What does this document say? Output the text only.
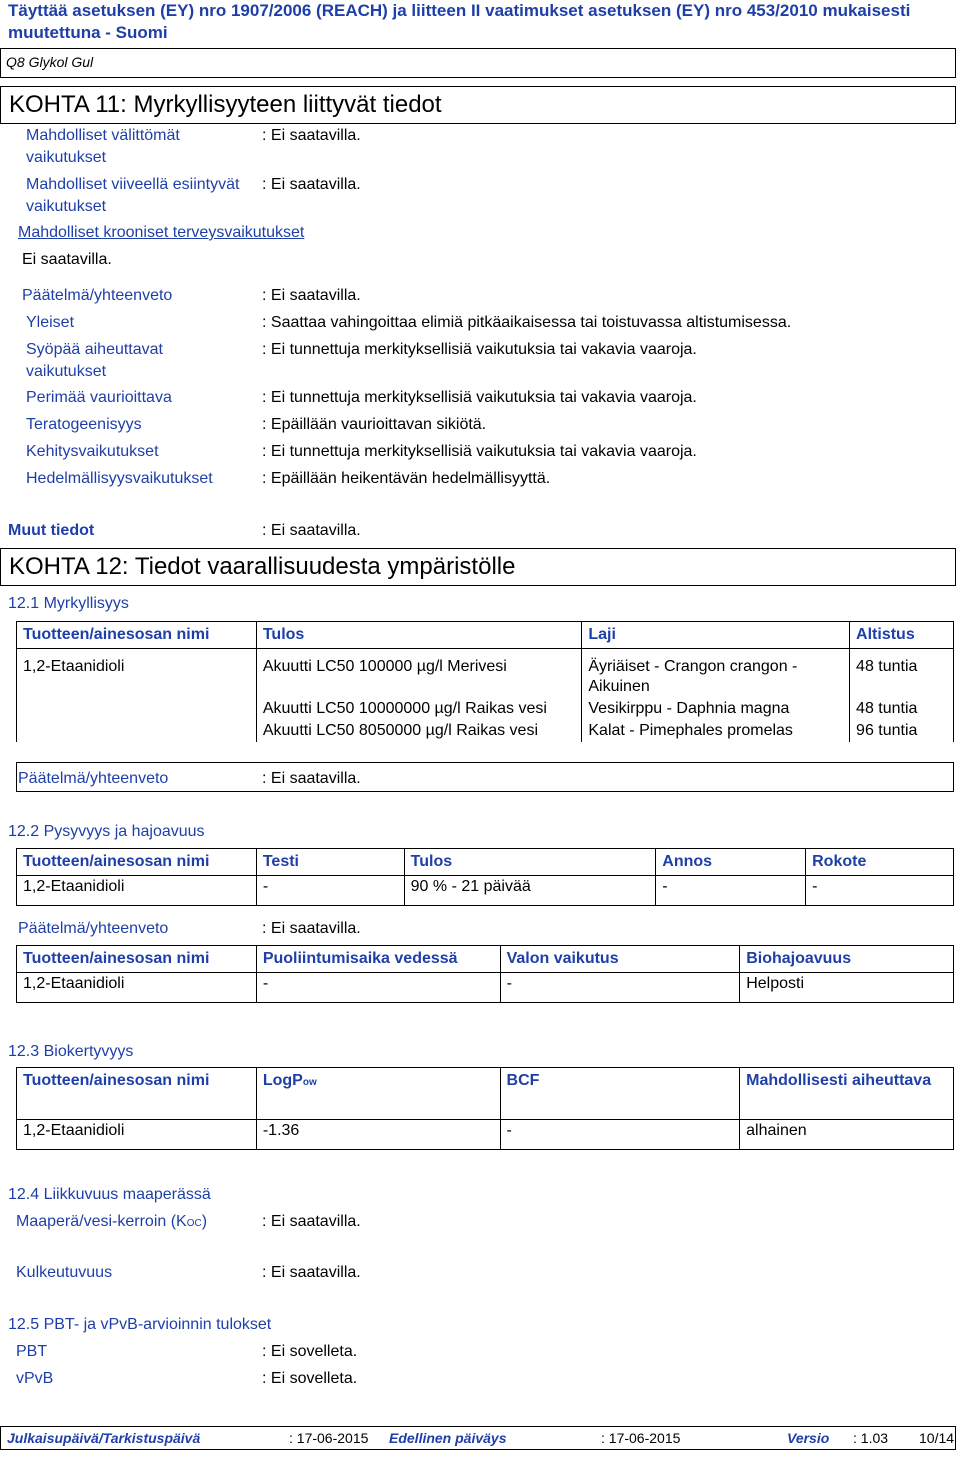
Täyttää asetuksen (EY) nro 1907/2006 (REACH) ja liitteen II vaatimukset asetuksen (EY) nro 453/2010 mukaisesti muutettuna - Suomi
Q8 Glykol Gul
KOHTA 11: Myrkyllisyyteen liittyvät tiedot
Mahdolliset välittömät vaikutukset
: Ei saatavilla.
Mahdolliset viiveellä esiintyvät vaikutukset
: Ei saatavilla.
Mahdolliset krooniset terveysvaikutukset
Ei saatavilla.
Päätelmä/yhteenveto	: Ei saatavilla.
Yleiset	: Saattaa vahingoittaa elimiä pitkäaikaisessa tai toistuvassa altistumisessa.
Syöpää aiheuttavat vaikutukset
: Ei tunnettuja merkityksellisiä vaikutuksia tai vakavia vaaroja.
Perimää vaurioittava	: Ei tunnettuja merkityksellisiä vaikutuksia tai vakavia vaaroja.
Teratogeenisyys	: Epäillään vaurioittavan sikiötä.
Kehitysvaikutukset	: Ei tunnettuja merkityksellisiä vaikutuksia tai vakavia vaaroja.
Hedelmällisyysvaikutukset	: Epäillään heikentävän hedelmällisyyttä.
Muut tiedot	: Ei saatavilla.
KOHTA 12: Tiedot vaarallisuudesta ympäristölle
12.1 Myrkyllisyys
Tuotteen/ainesosan nimi	Tulos	Laji	Altistus
1,2-Etaanidioli	Akuutti LC50 100000 µg/l Merivesi	Äyriäiset - Crangon crangon - Aikuinen	48 tuntia
	Akuutti LC50 10000000 µg/l Raikas vesi	Vesikirppu - Daphnia magna	48 tuntia
	Akuutti LC50 8050000 µg/l Raikas vesi	Kalat - Pimephales promelas	96 tuntia
Päätelmä/yhteenveto	: Ei saatavilla.
12.2 Pysyvyys ja hajoavuus
Tuotteen/ainesosan nimi	Testi	Tulos	Annos	Rokote
1,2-Etaanidioli	-	90 % - 21 päivää	-	-
Päätelmä/yhteenveto	: Ei saatavilla.
Tuotteen/ainesosan nimi	Puoliintumisaika vedessä	Valon vaikutus	Biohajoavuus
1,2-Etaanidioli	-	-	Helposti
12.3 Biokertyvyys
Tuotteen/ainesosan nimi	LogPow	BCF	Mahdollisesti aiheuttava
1,2-Etaanidioli	-1.36	-	alhainen
12.4 Liikkuvuus maaperässä
Maaperä/vesi-kerroin (KOC)	: Ei saatavilla.
Kulkeutuvuus	: Ei saatavilla.
12.5 PBT- ja vPvB-arvioinnin tulokset
PBT	: Ei sovelleta.
vPvB	: Ei sovelleta.
Julkaisupäivä/Tarkistuspäivä	: 17-06-2015 Edellinen päiväys	: 17-06-2015	Versio : 1.03 10/14
